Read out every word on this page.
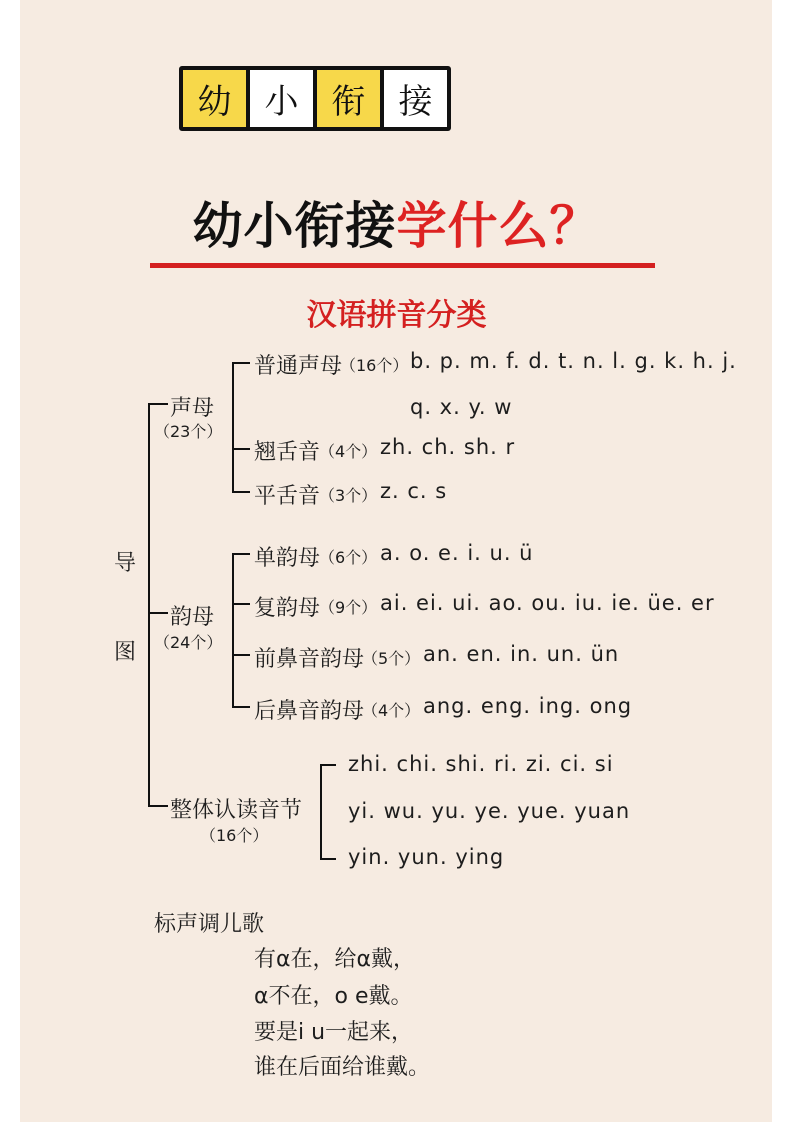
幼 小 衔 接
幼小衔接学什么？
汉语拼音分类
导
图
声母
（23个）
普通声母
（16个） b. p. m. f. d. t. n. l. g. k. h. j.
q. x. y. w
翘舌音
（4个） zh. ch. sh. r
平舌音
（3个） z. c. s
韵母
（24个）
单韵母
（6个） a. o. e. i. u. ü
复韵母
（9个） ai. ei. ui. ao. ou. iu. ie. üe. er
前鼻音韵母
（5个） an. en. in. un. ün
后鼻音韵母
（4个） ang. eng. ing. ong
整体认读音节
（16个）
zhi. chi. shi. ri. zi. ci. si
yi. wu. yu. ye. yue. yuan
yin. yun. ying
标声调儿歌
有α在，给α戴，
α不在，o e戴。
要是i u一起来，
谁在后面给谁戴。
